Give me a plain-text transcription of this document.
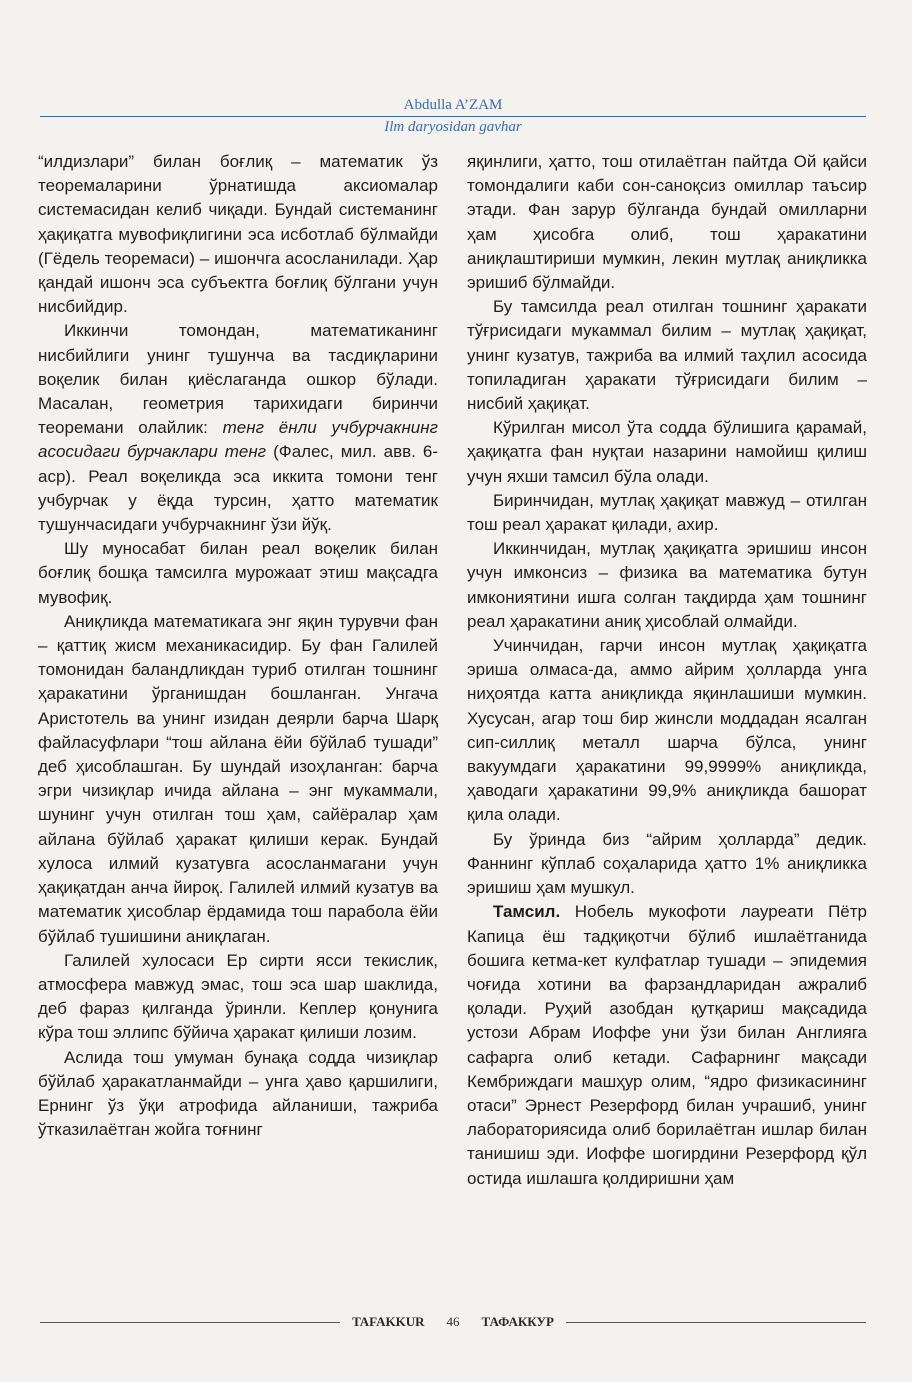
Abdulla A’ZAM
Ilm daryosidan gavhar

“илдизлари” билан боғлиқ – математик ўз теоремаларини ўрнатишда аксиомалар системасидан келиб чиқади. Бундай системанинг ҳақиқатга мувофиқлигини эса исботлаб бўлмайди (Гёдель теоремаси) – ишончга асосланилади. Ҳар қандай ишонч эса субъектга боғлиқ бўлгани учун нисбийдир.

Иккинчи томондан, математиканинг нисбийлиги унинг тушунча ва тасдиқларини воқелик билан қиёслаганда ошкор бўлади. Масалан, геометрия тарихидаги биринчи теоремани олайлик: тенг ёнли учбурчакнинг асосидаги бурчаклари тенг (Фалес, мил. авв. 6-аср). Реал воқеликда эса иккита томони тенг учбурчак у ёқда турсин, ҳатто математик тушунчасидаги учбурчакнинг ўзи йўқ.

Шу муносабат билан реал воқелик билан боғлиқ бошқа тамсилга мурожаат этиш мақсадга мувофиқ.

Аниқликда математикага энг яқин турувчи фан – қаттиқ жисм механикасидир. Бу фан Галилей томонидан баландликдан туриб отилган тошнинг ҳаракатини ўрганишдан бошланган. Унгача Аристотель ва унинг изидан деярли барча Шарқ файласуфлари “тош айлана ёйи бўйлаб тушади” деб ҳисоблашган. Бу шундай изоҳланган: барча эгри чизиқлар ичида айлана – энг мукаммали, шунинг учун отилган тош ҳам, сайёралар ҳам айлана бўйлаб ҳаракат қилиши керак. Бундай хулоса илмий кузатувга асосланмагани учун ҳақиқатдан анча йироқ. Галилей илмий кузатув ва математик ҳисоблар ёрдамида тош парабола ёйи бўйлаб тушишини аниқлаган.

Галилей хулосаси Ер сирти ясси текислик, атмосфера мавжуд эмас, тош эса шар шаклида, деб фараз қилганда ўринли. Кеплер қонунига кўра тош эллипс бўйича ҳаракат қилиши лозим.

Аслида тош умуман бунақа содда чизиқлар бўйлаб ҳаракатланмайди – унга ҳаво қаршилиги, Ернинг ўз ўқи атрофида айланиши, тажриба ўтказилаётган жойга тоғнинг

яқинлиги, ҳатто, тош отилаётган пайтда Ой қайси томондалиги каби сон-саноқсиз омиллар таъсир этади. Фан зарур бўлганда бундай омилларни ҳам ҳисобга олиб, тош ҳаракатини аниқлаштириши мумкин, лекин мутлақ аниқликка эришиб бўлмайди.

Бу тамсилда реал отилган тошнинг ҳаракати тўғрисидаги мукаммал билим – мутлақ ҳақиқат, унинг кузатув, тажриба ва илмий таҳлил асосида топиладиган ҳаракати тўғрисидаги билим – нисбий ҳақиқат.

Кўрилган мисол ўта содда бўлишига қарамай, ҳақиқатга фан нуқтаи назарини намойиш қилиш учун яхши тамсил бўла олади.

Биринчидан, мутлақ ҳақиқат мавжуд – отилган тош реал ҳаракат қилади, ахир.

Иккинчидан, мутлақ ҳақиқатга эришиш инсон учун имконсиз – физика ва математика бутун имкониятини ишга солган тақдирда ҳам тошнинг реал ҳаракатини аниқ ҳисоблай олмайди.

Учинчидан, гарчи инсон мутлақ ҳақиқатга эриша олмаса-да, аммо айрим ҳолларда унга ниҳоятда катта аниқликда яқинлашиши мумкин. Хусусан, агар тош бир жинсли моддадан ясалган сип-силлиқ металл шарча бўлса, унинг вакуумдаги ҳаракатини 99,9999% аниқликда, ҳаводаги ҳаракатини 99,9% аниқликда башорат қила олади.

Бу ўринда биз “айрим ҳолларда” дедик. Фаннинг кўплаб соҳаларида ҳатто 1% аниқликка эришиш ҳам мушкул.

Тамсил. Нобель мукофоти лауреати Пётр Капица ёш тадқиқотчи бўлиб ишлаётганида бошига кетма-кет кулфатлар тушади – эпидемия чоғида хотини ва фарзандларидан ажралиб қолади. Руҳий азобдан қутқариш мақсадида устози Абрам Иоффе уни ўзи билан Англияга сафарга олиб кетади. Сафарнинг мақсади Кембриждаги машҳур олим, “ядро физикасининг отаси” Эрнест Резерфорд билан учрашиб, унинг лабораториясида олиб борилаётган ишлар билан танишиш эди. Иоффе шогирдини Резерфорд қўл остида ишлашга қолдиришни ҳам

TAFAKKUR 46 ТАФАККУР
